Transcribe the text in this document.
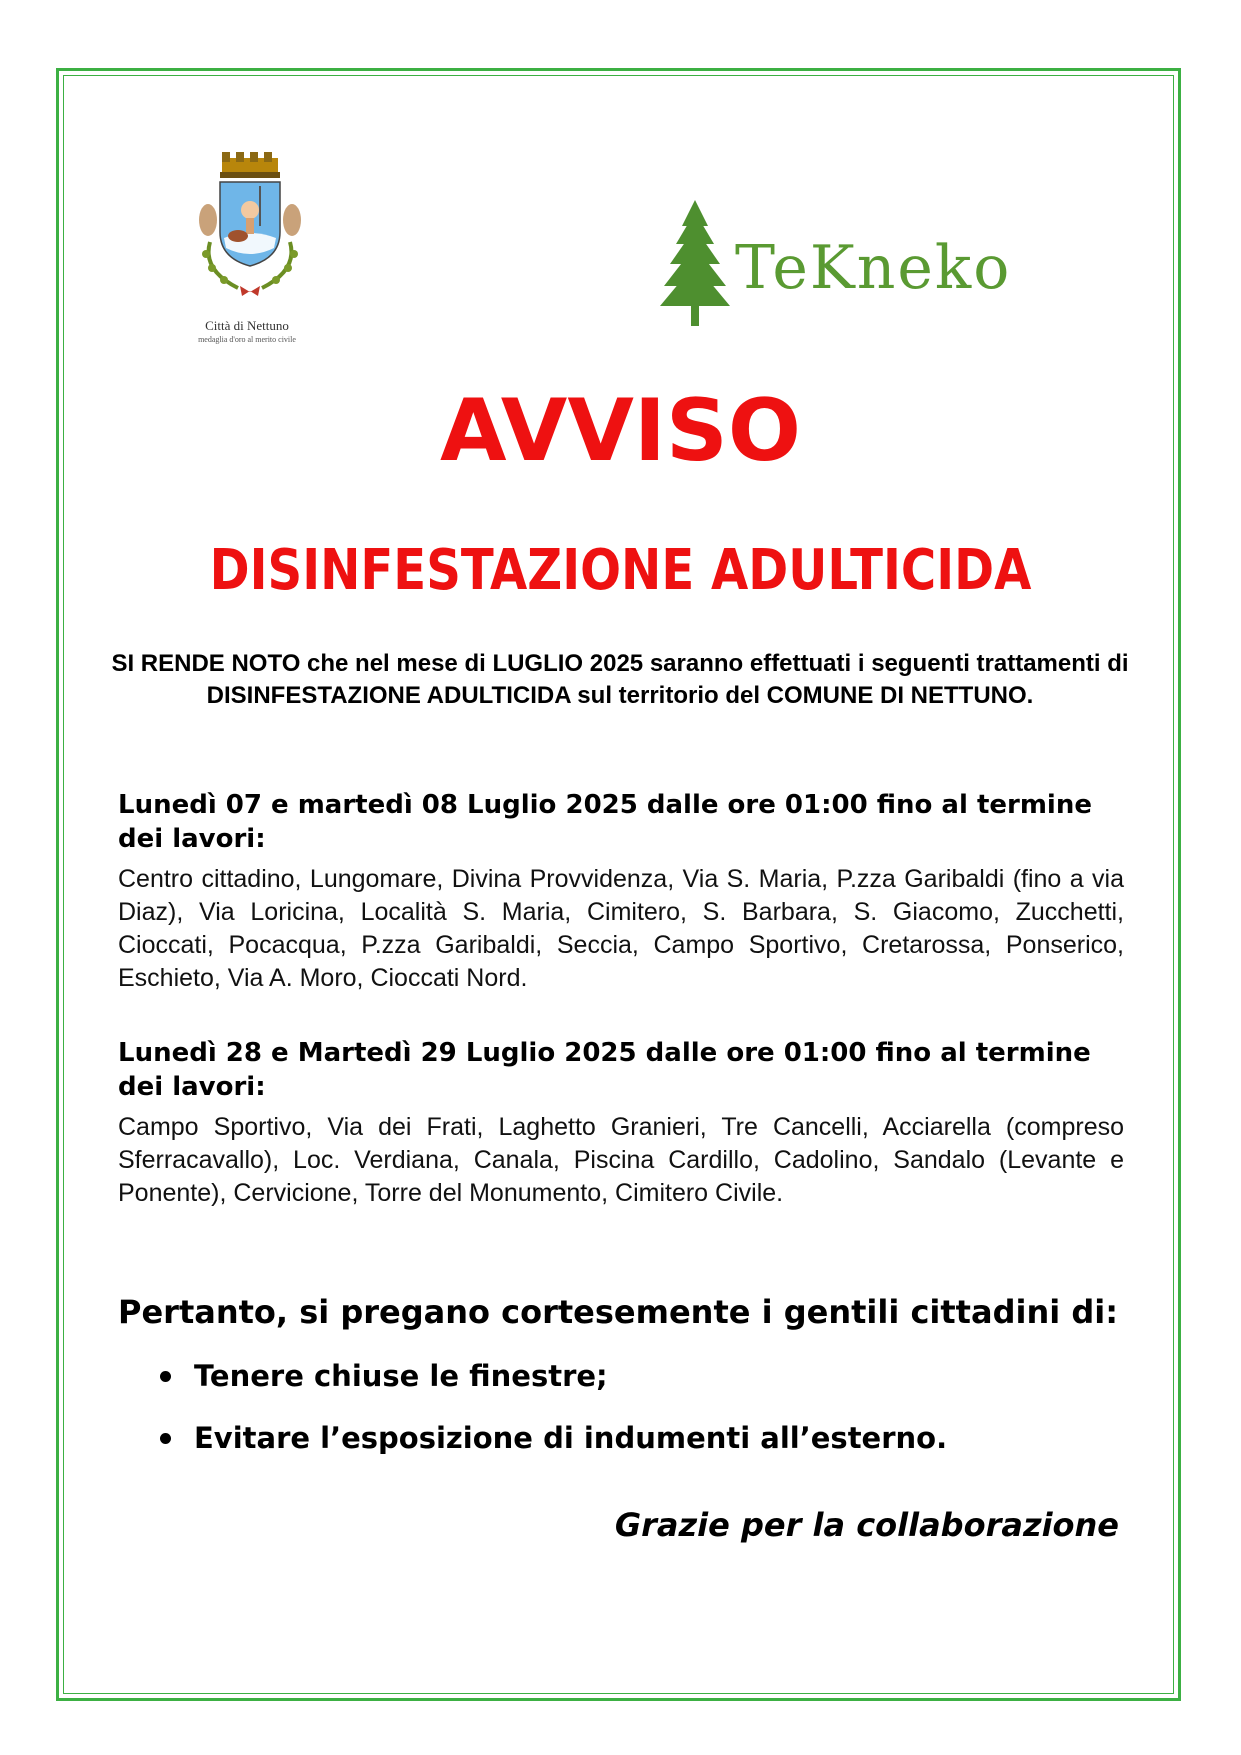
Città di Nettuno
medaglia d'oro al merito civile
TeKneko
AVVISO
DISINFESTAZIONE ADULTICIDA

SI RENDE NOTO che nel mese di LUGLIO 2025 saranno effettuati i seguenti trattamenti di DISINFESTAZIONE ADULTICIDA sul territorio del COMUNE DI NETTUNO.

Lunedì 07 e martedì 08 Luglio 2025 dalle ore 01:00 fino al termine dei lavori:

Centro cittadino, Lungomare, Divina Provvidenza, Via S. Maria, P.zza Garibaldi (fino a via Diaz), Via Loricina, Località S. Maria, Cimitero, S. Barbara, S. Giacomo, Zucchetti, Cioccati, Pocacqua, P.zza Garibaldi, Seccia, Campo Sportivo, Cretarossa, Ponserico, Eschieto, Via A. Moro, Cioccati Nord.

Lunedì 28 e Martedì 29 Luglio 2025 dalle ore 01:00 fino al termine dei lavori:

Campo Sportivo, Via dei Frati, Laghetto Granieri, Tre Cancelli, Acciarella (compreso Sferracavallo), Loc. Verdiana, Canala, Piscina Cardillo, Cadolino, Sandalo (Levante e Ponente), Cervicione, Torre del Monumento, Cimitero Civile.

Pertanto, si pregano cortesemente i gentili cittadini di:

Tenere chiuse le finestre;
Evitare l’esposizione di indumenti all’esterno.

Grazie per la collaborazione
